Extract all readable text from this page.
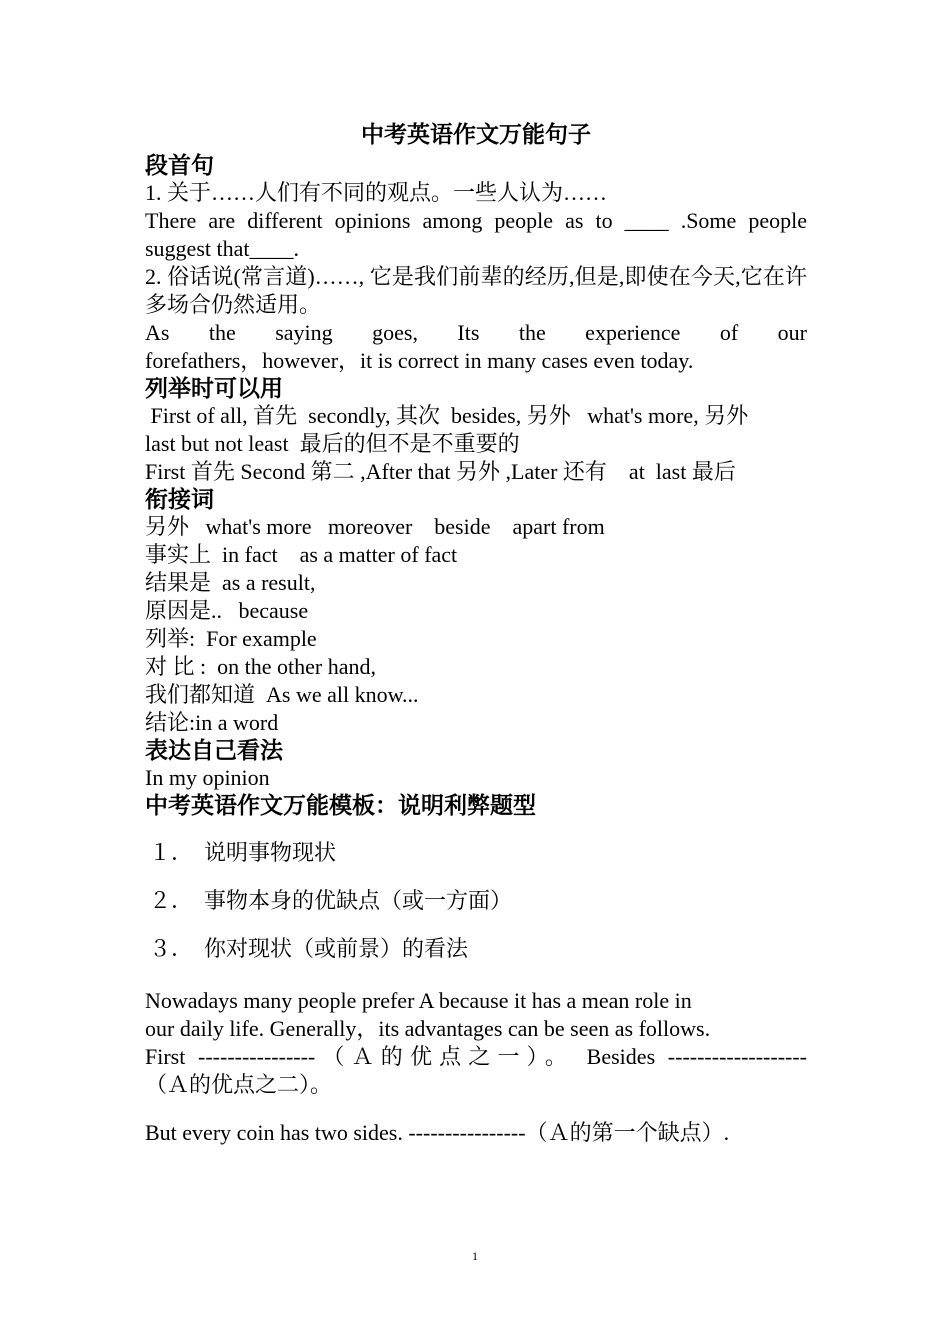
中考英语作文万能句子
段首句
1. 关于……人们有不同的观点。一些人认为……
There are different opinions among people as to ____ .Some people suggest that____.
2. 俗话说(常言道)……, 它是我们前辈的经历,但是,即使在今天,它在许多场合仍然适用。
As the saying goes, Its the experience of our
forefathers，however，it is correct in many cases even today.
列举时可以用
First of all, 首先  secondly, 其次  besides, 另外   what's more, 另外
last but not least  最后的但不是不重要的
First 首先 Second 第二 ,After that 另外 ,Later 还有    at  last 最后
衔接词
另外   what's more   moreover    beside    apart from
事实上  in fact    as a matter of fact
结果是  as a result,
原因是..   because
列举:  For example
对 比 :  on the other hand,
我们都知道  As we all know...
结论:in a word
表达自己看法
In my opinion
中考英语作文万能模板：说明利弊题型
１．  说明事物现状
２．  事物本身的优缺点（或一方面）
３．  你对现状（或前景）的看法
Nowadays many people prefer A because it has a mean role in
our daily life. Generally，its advantages can be seen as follows.
First ----------------（Ａ的优点之一）。 Besides -------------------
（Ａ的优点之二）。
But every coin has two sides. ----------------（Ａ的第一个缺点）.
1
